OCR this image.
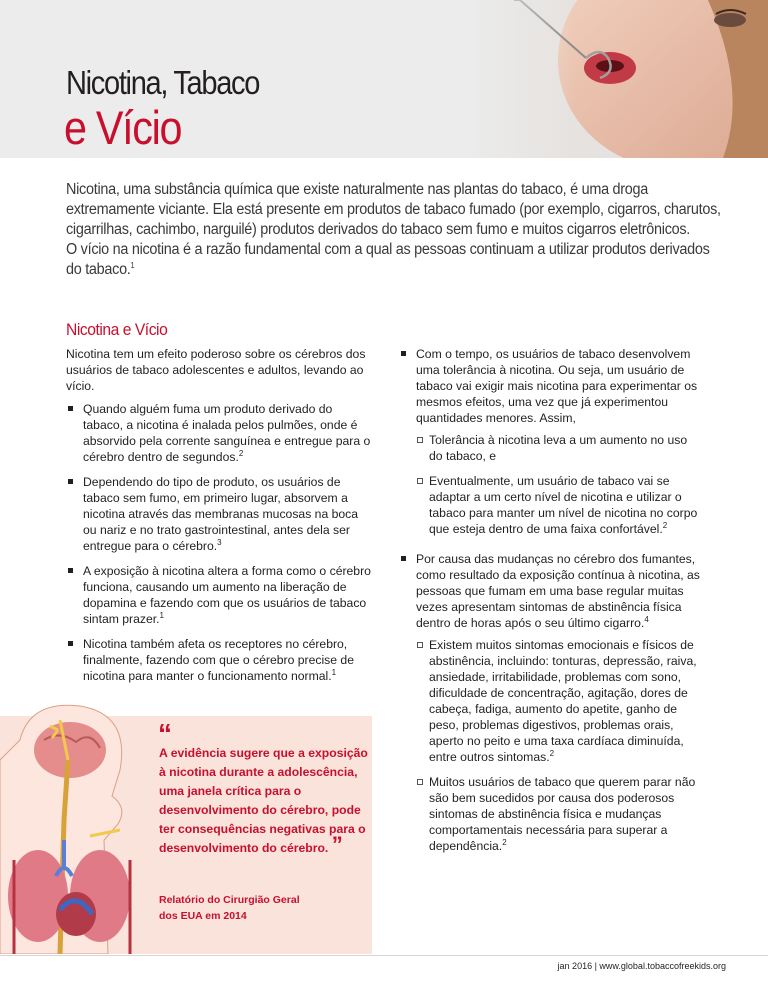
Nicotina, Tabaco
e Vício
Nicotina, uma substância química que existe naturalmente nas plantas do tabaco, é uma droga
extremamente viciante. Ela está presente em produtos de tabaco fumado (por exemplo, cigarros, charutos,
cigarrilhas, cachimbo, narguilé) produtos derivados do tabaco sem fumo e muitos cigarros eletrônicos.
O vício na nicotina é a razão fundamental com a qual as pessoas continuam a utilizar produtos derivados
do tabaco.$^1$
Nicotina e Vício

Nicotina tem um efeito poderoso sobre os cérebros dos usuários de tabaco adolescentes e adultos, levando ao vício.

Quando alguém fuma um produto derivado do tabaco, a nicotina é inalada pelos pulmões, onde é absorvido pela corrente sanguínea e entregue para o cérebro dentro de segundos.$^2$
Dependendo do tipo de produto, os usuários de tabaco sem fumo, em primeiro lugar, absorvem a nicotina através das membranas mucosas na boca ou nariz e no trato gastrointestinal, antes dela ser entregue para o cérebro.$^3$
A exposição à nicotina altera a forma como o cérebro funciona, causando um aumento na liberação de dopamina e fazendo com que os usuários de tabaco sintam prazer.$^1$
Nicotina também afeta os receptores no cérebro, finalmente, fazendo com que o cérebro precise de nicotina para manter o funcionamento normal.$^1$
Com o tempo, os usuários de tabaco desenvolvem uma tolerância à nicotina. Ou seja, um usuário de tabaco vai exigir mais nicotina para experimentar os mesmos efeitos, uma vez que já experimentou quantidades menores. Assim,
Tolerância à nicotina leva a um aumento no uso do tabaco, e
Eventualmente, um usuário de tabaco vai se adaptar a um certo nível de nicotina e utilizar o tabaco para manter um nível de nicotina no corpo que esteja dentro de uma faixa confortável.$^2$
Por causa das mudanças no cérebro dos fumantes, como resultado da exposição contínua à nicotina, as pessoas que fumam em uma base regular muitas vezes apresentam sintomas de abstinência física dentro de horas após o seu último cigarro.$^4$
Existem muitos sintomas emocionais e físicos de abstinência, incluindo: tonturas, depressão, raiva, ansiedade, irritabilidade, problemas com sono, dificuldade de concentração, agitação, dores de cabeça, fadiga, aumento do apetite, ganho de peso, problemas digestivos, problemas orais, aperto no peito e uma taxa cardíaca diminuída, entre outros sintomas.$^2$
Muitos usuários de tabaco que querem parar não são bem sucedidos por causa dos poderosos sintomas de abstinência física e mudanças comportamentais necessária para superar a dependência.$^2$
“
A evidência sugere que a exposição à nicotina durante a adolescência, uma janela crítica para o desenvolvimento do cérebro, pode ter consequências negativas para o desenvolvimento do cérebro. ”
Relatório do Cirurgião Geral
dos EUA em 2014
jan 2016 | www.global.tobaccofreekids.org
